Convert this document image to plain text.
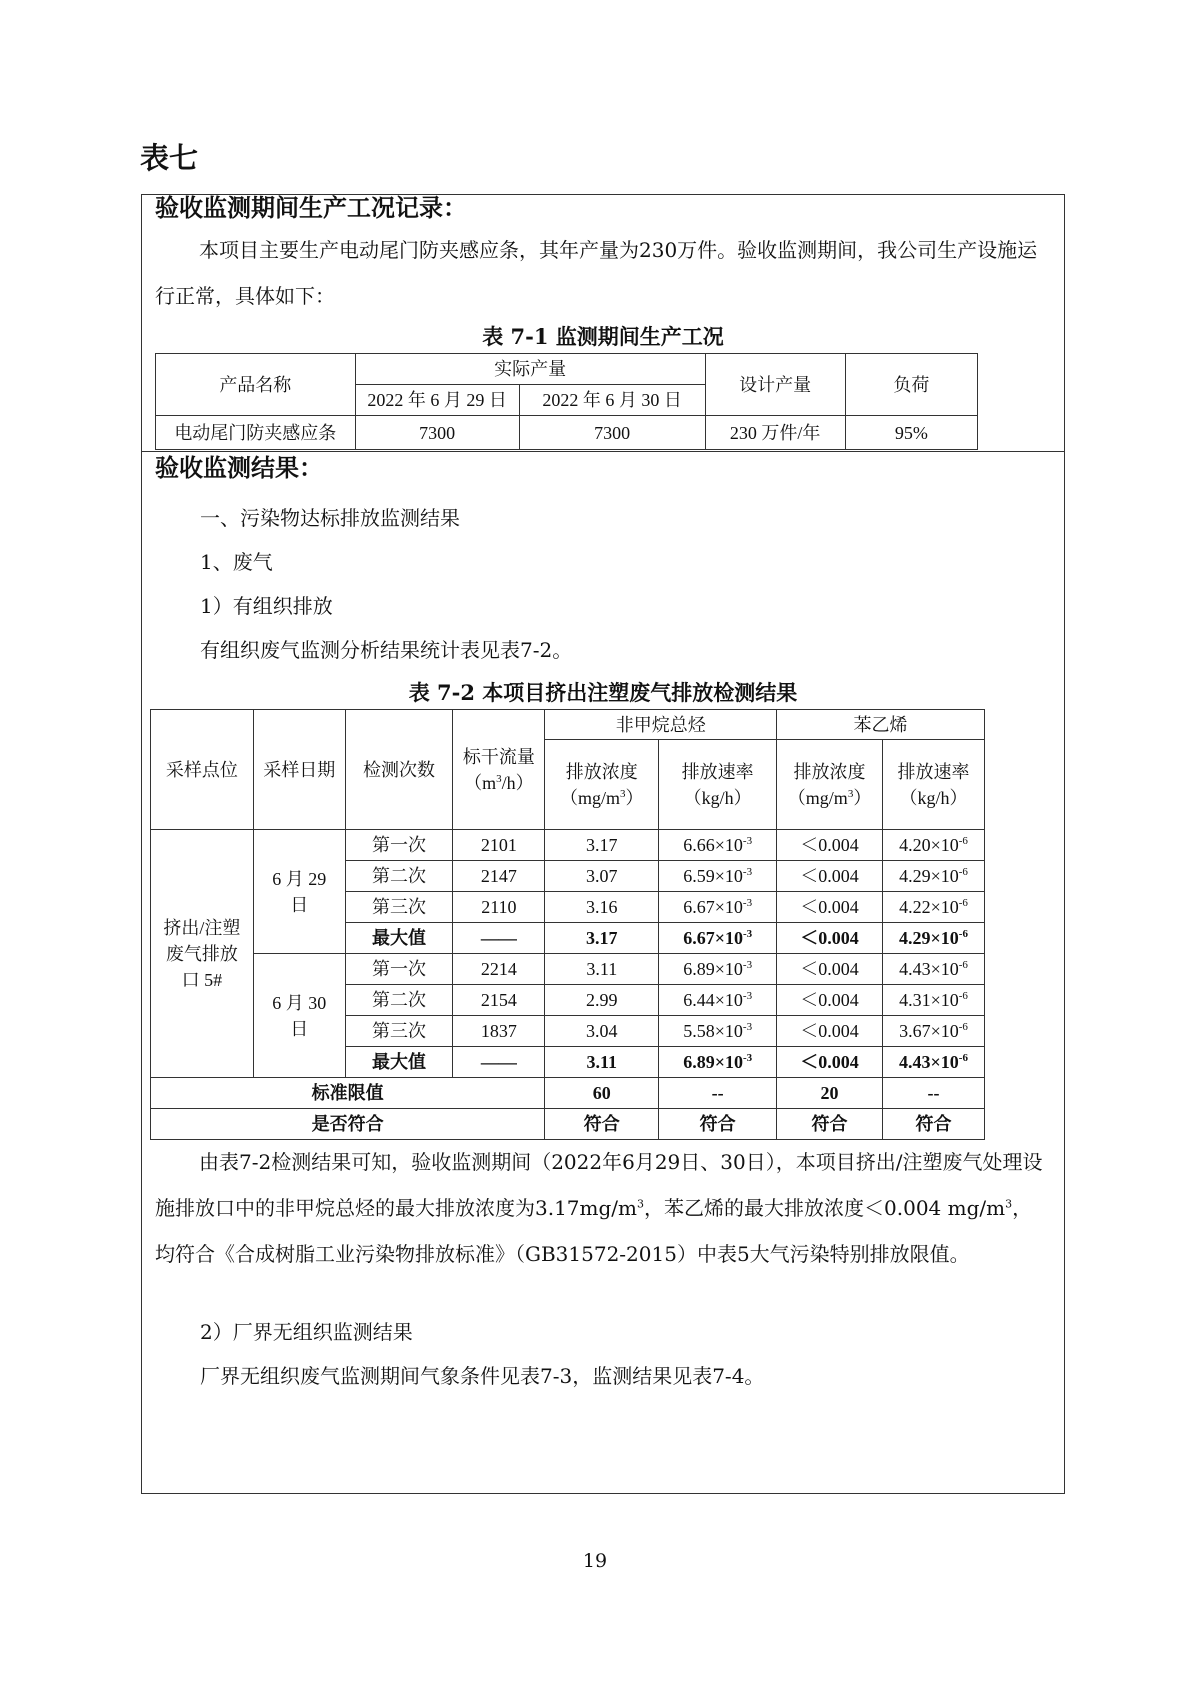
表七
验收监测期间生产工况记录：

本项目主要生产电动尾门防夹感应条，其年产量为230万件。验收监测期间，我公司生产设施运行正常，具体如下：

表 7-1 监测期间生产工况
产品名称	实际产量		设计产量	负荷
	2022 年 6 月 29 日	2022 年 6 月 30 日		
电动尾门防夹感应条	7300	7300	230 万件/年	95%
验收监测结果：
一、污染物达标排放监测结果
1、废气
1）有组织排放
有组织废气监测分析结果统计表见表7-2。
表 7-2 本项目挤出注塑废气排放检测结果
采样点位	采样日期	检测次数	标干流量$(m^3/h)$	非甲烷总烃		苯乙烯	
				排放浓度$(mg/m^3)$	排放速率（kg/h）	排放浓度$(mg/m^3)$	排放速率（kg/h）
挤出/注塑废气排放口 5#	6 月 29 日	第一次	2101	3.17	$6.66\times 10^{-3}$	＜0.004	$4.20\times 10^{-6}$
		第二次	2147	3.07	$6.59\times 10^{-3}$	＜0.004	$4.29\times 10^{-6}$
		第三次	2110	3.16	$6.67\times 10^{-3}$	＜0.004	$4.22\times 10^{-6}$
		最大值	——	3.17	$6.67\times 10^{-3}$	＜0.004	$4.29\times 10^{-6}$
	6 月 30 日	第一次	2214	3.11	$6.89\times 10^{-3}$	＜0.004	$4.43\times 10^{-6}$
		第二次	2154	2.99	$6.44\times 10^{-3}$	＜0.004	$4.31\times 10^{-6}$
		第三次	1837	3.04	$5.58\times 10^{-3}$	＜0.004	$3.67\times 10^{-6}$
		最大值	——	3.11	$6.89\times 10^{-3}$	＜0.004	$4.43\times 10^{-6}$
标准限值				60	--	20	--
是否符合				符合	符合	符合	符合

由表7-2检测结果可知，验收监测期间（2022年6月29日、30日），本项目挤出/注塑废气处理设施排放口中的非甲烷总烃的最大排放浓度为$3.17mg/m^3$，苯乙烯的最大排放浓度＜0.004 $mg/m^3$，均符合《合成树脂工业污染物排放标准》（GB31572-2015）中表5大气污染特别排放限值。

2）厂界无组织监测结果
厂界无组织废气监测期间气象条件见表7-3，监测结果见表7-4。
19
